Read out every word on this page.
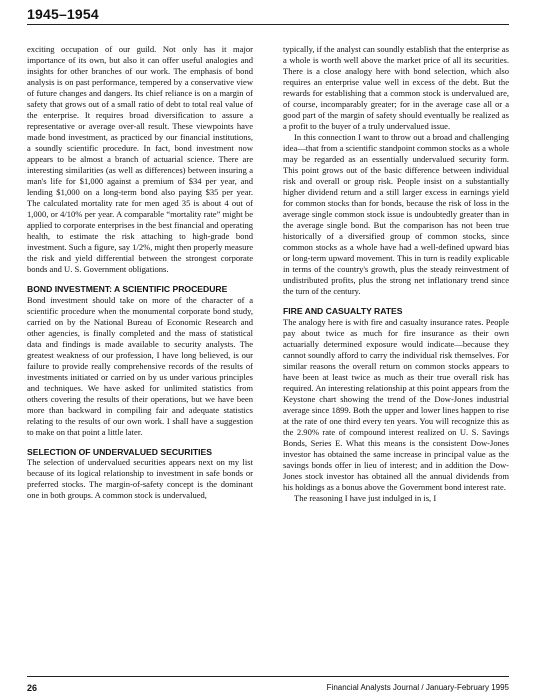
1945–1954

exciting occupation of our guild. Not only has it major importance of its own, but also it can offer useful analogies and insights for other branches of our work. The emphasis of bond analysis is on past performance, tempered by a conservative view of future changes and dangers. Its chief reliance is on a margin of safety that grows out of a small ratio of debt to total real value of the enterprise. It requires broad diversification to assure a representative or average over-all result. These viewpoints have made bond investment, as practiced by our financial institutions, a soundly scientific procedure. In fact, bond investment now appears to be almost a branch of actuarial science. There are interesting similarities (as well as differences) between insuring a man's life for $1,000 against a premium of $34 per year, and lending $1,000 on a long-term bond also paying $35 per year. The calculated mortality rate for men aged 35 is about 4 out of 1,000, or 4/10% per year. A comparable “mortality rate” might be applied to corporate enterprises in the best financial and operating health, to estimate the risk attaching to high-grade bond investment. Such a figure, say 1/2%, might then properly measure the risk and yield differential between the strongest corporate bonds and U. S. Government obligations.

BOND INVESTMENT: A SCIENTIFIC PROCEDURE

Bond investment should take on more of the character of a scientific procedure when the monumental corporate bond study, carried on by the National Bureau of Economic Research and other agencies, is finally completed and the mass of statistical data and findings is made available to security analysts. The greatest weakness of our profession, I have long believed, is our failure to provide really comprehensive records of the results of investments initiated or carried on by us under various principles and techniques. We have asked for unlimited statistics from others covering the results of their operations, but we have been more than backward in compiling fair and adequate statistics relating to the results of our own work. I shall have a suggestion to make on that point a little later.

SELECTION OF UNDERVALUED SECURITIES

The selection of undervalued securities appears next on my list because of its logical relationship to investment in safe bonds or preferred stocks. The margin-of-safety concept is the dominant one in both groups. A common stock is undervalued,

typically, if the analyst can soundly establish that the enterprise as a whole is worth well above the market price of all its securities. There is a close analogy here with bond selection, which also requires an enterprise value well in excess of the debt. But the rewards for establishing that a common stock is undervalued are, of course, incomparably greater; for in the average case all or a good part of the margin of safety should eventually be realized as a profit to the buyer of a truly undervalued issue.

In this connection I want to throw out a broad and challenging idea—that from a scientific standpoint common stocks as a whole may be regarded as an essentially undervalued security form. This point grows out of the basic difference between individual risk and overall or group risk. People insist on a substantially higher dividend return and a still larger excess in earnings yield for common stocks than for bonds, because the risk of loss in the average single common stock issue is undoubtedly greater than in the average single bond. But the comparison has not been true historically of a diversified group of common stocks, since common stocks as a whole have had a well-defined upward bias or long-term upward movement. This in turn is readily explicable in terms of the country's growth, plus the steady reinvestment of undistributed profits, plus the strong net inflationary trend since the turn of the century.

FIRE AND CASUALTY RATES

The analogy here is with fire and casualty insurance rates. People pay about twice as much for fire insurance as their own actuarially determined exposure would indicate—because they cannot soundly afford to carry the individual risk themselves. For similar reasons the overall return on common stocks appears to have been at least twice as much as their true overall risk has required. An interesting relationship at this point appears from the Keystone chart showing the trend of the Dow-Jones industrial average since 1899. Both the upper and lower lines happen to rise at the rate of one third every ten years. You will recognize this as the 2.90% rate of compound interest realized on U. S. Savings Bonds, Series E. What this means is the consistent Dow-Jones investor has obtained the same increase in principal value as the savings bonds offer in lieu of interest; and in addition the Dow-Jones stock investor has obtained all the annual dividends from his holdings as a bonus above the Government bond interest rate.

The reasoning I have just indulged in is, I

26	Financial Analysts Journal / January-February 1995
